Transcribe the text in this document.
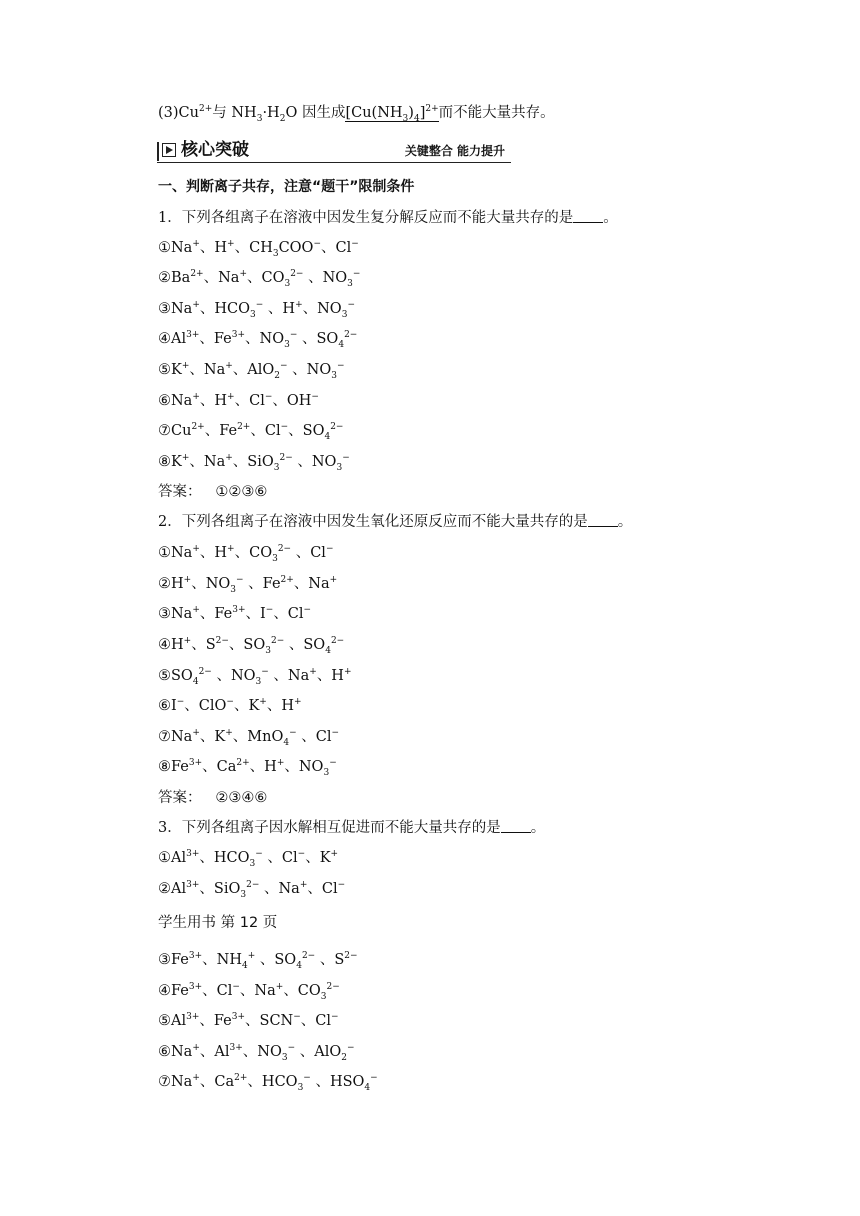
$(3)Cu^{2+}$与 $NH_3\cdot H_2O$ 因生成$[Cu(NH_3)_4]^{2+}$而不能大量共存。
核心突破	关键整合 能力提升
一、判断离子共存，注意“题干”限制条件
1．下列各组离子在溶液中因发生复分解反应而不能大量共存的是 。
①Na+、H+、$CH_3COO^-$、Cl−
$②Ba^{2+}$、Na+、$CO_3^{2-}$ 、$NO_3^-$
③Na+、$HCO_3^-$ 、H+、$NO_3^-$
$④Al^{3+}$、$Fe^{3+}$、$NO_3^-$ 、$SO_4^{2-}$
⑤K+、Na+、AlO$_2$− 、$NO_3^-$
⑥Na+、H+、Cl−、OH−
$⑦Cu^{2+}$、$Fe^{2+}$、Cl−、$SO_4^{2-}$
⑧K+、Na+、SiO$_3^{2-}$ 、$NO_3^-$
答案： ①②③⑥
2．下列各组离子在溶液中因发生氧化还原反应而不能大量共存的是 。
①Na+、H+、$CO_3^{2-}$ 、Cl−
②H+、$NO_3^-$ 、$Fe^{2+}$、Na+
③Na+、$Fe^{3+}$、I−、Cl−
④H+、$S^{2-}$、$SO_3^{2-}$ 、$SO_4^{2-}$
$⑤SO_4^{2-}$ 、$NO_3^-$ 、Na+、H+
⑥I−、ClO−、K+、H+
⑦Na+、K+、MnO$_4$− 、Cl−
$⑧Fe^{3+}$、$Ca^{2+}$、H+、$NO_3^-$
答案： ②③④⑥
3．下列各组离子因水解相互促进而不能大量共存的是 。
$①Al^{3+}$、$HCO_3^-$ 、Cl−、K+
$②Al^{3+}$、SiO$_3^{2-}$ 、Na+、Cl−
学生用书 第 12 页
$③Fe^{3+}$、$NH_4^+$ 、$SO_4^{2-}$ 、$S^{2-}$
$④Fe^{3+}$、Cl−、Na+、$CO_3^{2-}$
$⑤Al^{3+}$、$Fe^{3+}$、SCN−、Cl−
⑥Na+、$Al^{3+}$、$NO_3^-$ 、AlO$_2$−
⑦Na+、$Ca^{2+}$、$HCO_3^-$ 、$HSO_4^-$
